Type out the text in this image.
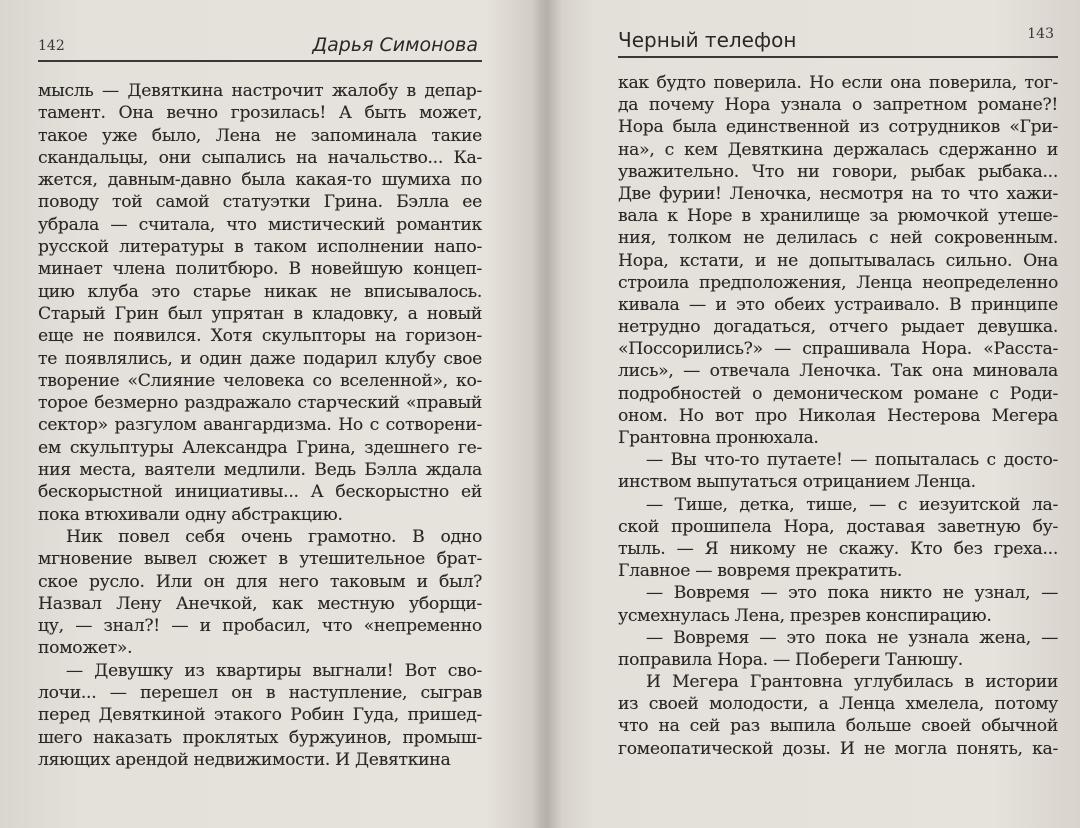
142	Дарья Симонова
мысль — Девяткина настрочит жалобу в депар-
тамент. Она вечно грозилась! А быть может,
такое уже было, Лена не запоминала такие
скандальцы, они сыпались на начальство... Ка-
жется, давным-давно была какая-то шумиха по
поводу той самой статуэтки Грина. Бэлла ее
убрала — считала, что мистический романтик
русской литературы в таком исполнении напо-
минает члена политбюро. В новейшую концеп-
цию клуба это старье никак не вписывалось.
Старый Грин был упрятан в кладовку, а новый
еще не появился. Хотя скульпторы на горизон-
те появлялись, и один даже подарил клубу свое
творение «Слияние человека со вселенной», ко-
торое безмерно раздражало старческий «правый
сектор» разгулом авангардизма. Но с сотворени-
ем скульптуры Александра Грина, здешнего ге-
ния места, ваятели медлили. Ведь Бэлла ждала
бескорыстной инициативы... А бескорыстно ей
пока втюхивали одну абстракцию.
Ник повел себя очень грамотно. В одно
мгновение вывел сюжет в утешительное брат-
ское русло. Или он для него таковым и был?
Назвал Лену Анечкой, как местную уборщи-
цу, — знал?! — и пробасил, что «непременно
поможет».
— Девушку из квартиры выгнали! Вот сво-
лочи... — перешел он в наступление, сыграв
перед Девяткиной этакого Робин Гуда, пришед-
шего наказать проклятых буржуинов, промыш-
ляющих арендой недвижимости. И Девяткина
Черный телефон	143
как будто поверила. Но если она поверила, тог-
да почему Нора узнала о запретном романе?!
Нора была единственной из сотрудников «Гри-
на», с кем Девяткина держалась сдержанно и
уважительно. Что ни говори, рыбак рыбака...
Две фурии! Леночка, несмотря на то что хажи-
вала к Норе в хранилище за рюмочкой утеше-
ния, толком не делилась с ней сокровенным.
Нора, кстати, и не допытывалась сильно. Она
строила предположения, Ленца неопределенно
кивала — и это обеих устраивало. В принципе
нетрудно догадаться, отчего рыдает девушка.
«Поссорились?» — спрашивала Нора. «Расста-
лись», — отвечала Леночка. Так она миновала
подробностей о демоническом романе с Роди-
оном. Но вот про Николая Нестерова Мегера
Грантовна пронюхала.
— Вы что-то путаете! — попыталась с досто-
инством выпутаться отрицанием Ленца.
— Тише, детка, тише, — с иезуитской ла-
ской прошипела Нора, доставая заветную бу-
тыль. — Я никому не скажу. Кто без греха...
Главное — вовремя прекратить.
— Вовремя — это пока никто не узнал, —
усмехнулась Лена, презрев конспирацию.
— Вовремя — это пока не узнала жена, —
поправила Нора. — Побереги Танюшу.
И Мегера Грантовна углубилась в истории
из своей молодости, а Ленца хмелела, потому
что на сей раз выпила больше своей обычной
гомеопатической дозы. И не могла понять, ка-
